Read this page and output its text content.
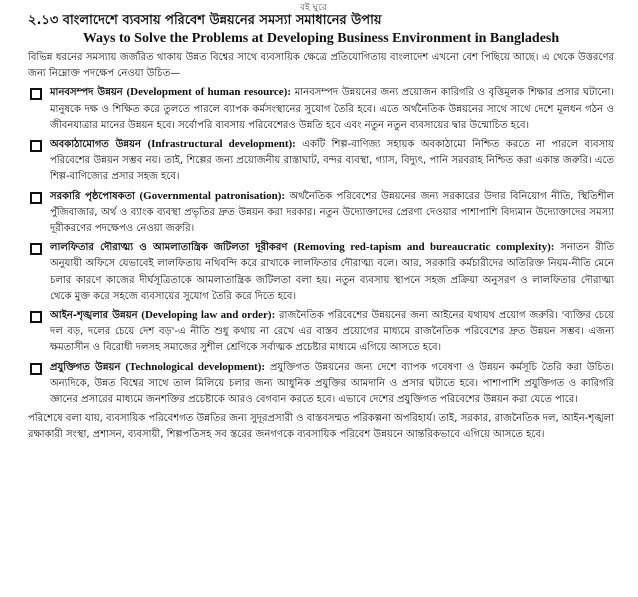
বই ঘুরে
২.১৩ বাংলাদেশে ব্যবসায় পরিবেশ উন্নয়নের সমস্যা সমাধানের উপায়
Ways to Solve the Problems at Developing Business Environment in Bangladesh

বিভিন্ন ধরনের সমস্যায় জর্জরিত থাকায় উন্নত বিশ্বের সাথে ব্যবসায়িক ক্ষেত্রে প্রতিযোগিতায় বাংলাদেশ এখনো বেশ পিছিয়ে আছে। এ থেকে উত্তরণের জন্য নিম্নোক্ত পদক্ষেপ নেওয়া উচিত—

মানবসম্পদ উন্নয়ন (Development of human resource): মানবসম্পদ উন্নয়নের জন্য প্রয়োজন কারিগরি ও বৃত্তিমূলক শিক্ষার প্রসার ঘটানো। মানুষকে দক্ষ ও শিক্ষিত করে তুলতে পারলে ব্যাপক কর্মসংস্থানের সুযোগ তৈরি হবে। এতে অর্থনৈতিক উন্নয়নের সাথে সাথে দেশে মূলধন গঠন ও জীবনযাত্রার মানের উন্নয়ন হবে। সর্বোপরি ব্যবসায় পরিবেশেরও উন্নতি হবে এবং নতুন নতুন ব্যবসায়ের দ্বার উন্মোচিত হবে।
অবকাঠামোগত উন্নয়ন (Infrastructural development): একটি শিল্প-বাণিজ্য সহায়ক অবকাঠামো নিশ্চিত করতে না পারলে ব্যবসায় পরিবেশের উন্নয়ন সম্ভব নয়। তাই, শিল্পের জন্য প্রয়োজনীয় রাস্তাঘাট, বন্দর ব্যবস্থা, গ্যাস, বিদ্যুৎ, পানি সরবরাহ নিশ্চিত করা একান্ত জরুরি। এতে শিল্প-বাণিজ্যের প্রসার সহজ হবে।
সরকারি পৃষ্ঠপোষকতা (Governmental patronisation): অর্থনৈতিক পরিবেশের উন্নয়নের জন্য সরকারের উদার বিনিয়োগ নীতি, স্থিতিশীল পুঁজিবাজার, অর্থ ও ব্যাংক ব্যবস্থা প্রভৃতির দ্রুত উন্নয়ন করা দরকার। নতুন উদ্যোক্তাদের প্রেরণা দেওয়ার পাশাপাশি বিদ্যমান উদ্যোক্তাদের সমস্যা দূরীকরণের পদক্ষেপও নেওয়া জরুরি।
লালফিতার দৌরাত্ম্য ও আমলাতান্ত্রিক জটিলতা দূরীকরণ (Removing red-tapism and bureaucratic complexity): সনাতন রীতি অনুযায়ী অফিসে যেভাবেই লালফিতায় নথিবন্দি করে রাখাকে লালফিতার দৌরাত্ম্য বলে। আর, সরকারি কর্মচারীদের অতিরিক্ত নিয়ম-নীতি মেনে চলার কারণে কাজের দীর্ঘসূত্রিতাকে আমলাতান্ত্রিক জটিলতা বলা হয়। নতুন ব্যবসায় স্থাপনে সহজ প্রক্রিয়া অনুসরণ ও লালফিতার দৌরাত্ম্য থেকে মুক্ত করে সহজে ব্যবসায়ের সুযোগ তৈরি করে দিতে হবে।
আইন-শৃঙ্খলার উন্নয়ন (Developing law and order): রাজনৈতিক পরিবেশের উন্নয়নের জন্য আইনের যথাযথ প্রয়োগ জরুরি। 'ব্যক্তির চেয়ে দল বড়, দলের চেয়ে দেশ বড়'-এ নীতি শুধু কথায় না রেখে এর বাস্তব প্রয়োগের মাধ্যমে রাজনৈতিক পরিবেশের দ্রুত উন্নয়ন সম্ভব। এজন্য ক্ষমতাসীন ও বিরোধী দলসহ সমাজের সুশীল শ্রেণিকে সর্বাত্মক প্রচেষ্টার মাধ্যমে এগিয়ে আসতে হবে।
প্রযুক্তিগত উন্নয়ন (Technological development): প্রযুক্তিগত উন্নয়নের জন্য দেশে ব্যাপক গবেষণা ও উন্নয়ন কর্মসূচি তৈরি করা উচিত। অন্যদিকে, উন্নত বিশ্বের সাথে তাল মিলিয়ে চলার জন্য আধুনিক প্রযুক্তির আমদানি ও প্রসার ঘটাতে হবে। পাশাপাশি প্রযুক্তিগত ও কারিগরি জ্ঞানের প্রসারের মাধ্যমে জনশক্তির প্রচেষ্টাকে আরও বেগবান করতে হবে। এভাবে দেশের প্রযুক্তিগত পরিবেশের উন্নয়ন করা যেতে পারে।

পরিশেষে বলা যায়, ব্যবসায়িক পরিবেশগত উন্নতির জন্য সুদূরপ্রসারী ও বাস্তবসম্মত পরিকল্পনা অপরিহার্য। তাই, সরকার, রাজনৈতিক দল, আইন-শৃঙ্খলা রক্ষাকারী সংস্থা, প্রশাসন, ব্যবসায়ী, শিল্পপতিসহ সব স্তরের জনগণকে ব্যবসায়িক পরিবেশ উন্নয়নে আন্তরিকভাবে এগিয়ে আসতে হবে।
